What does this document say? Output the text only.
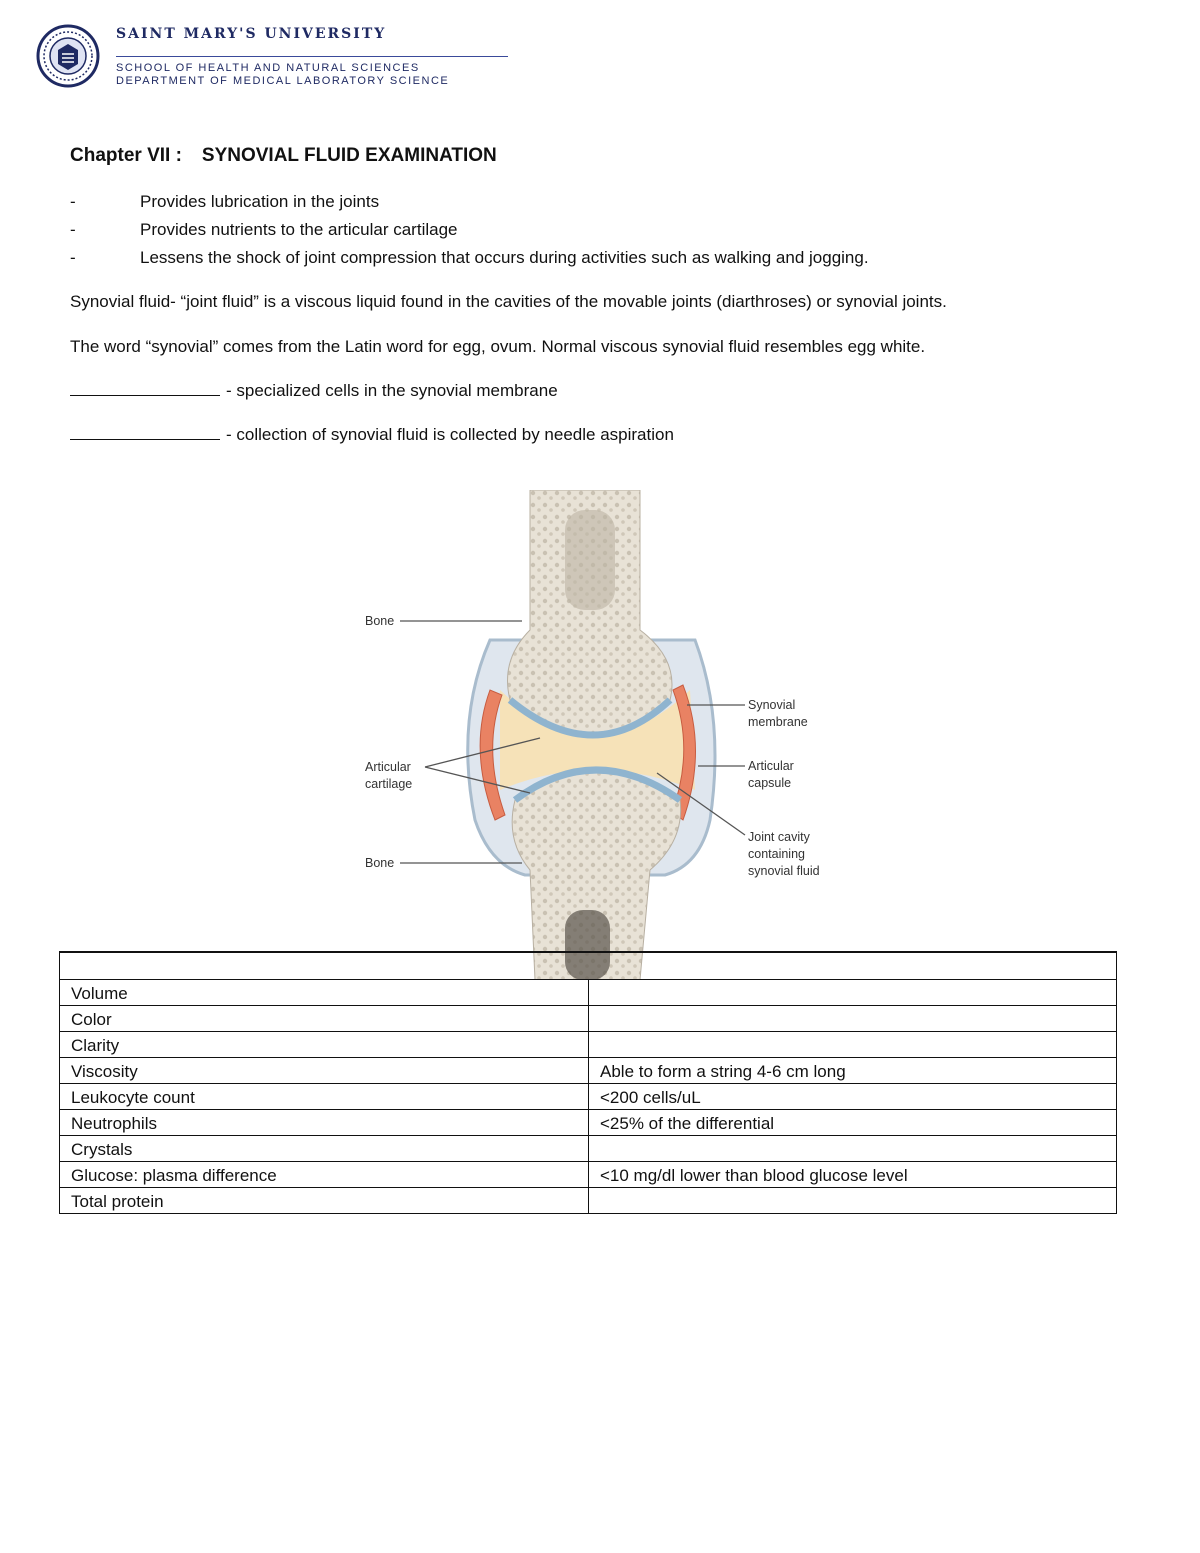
SAINT MARY'S UNIVERSITY
SCHOOL OF HEALTH AND NATURAL SCIENCES
DEPARTMENT OF MEDICAL LABORATORY SCIENCE
Chapter VII : SYNOVIAL FLUID EXAMINATION
-	Provides lubrication in the joints
-	Provides nutrients to the articular cartilage
-	Lessens the shock of joint compression that occurs during activities such as walking and jogging.
Synovial fluid- “joint fluid” is a viscous liquid found in the cavities of the movable joints (diarthroses) or synovial joints.
The word “synovial” comes from the Latin word for egg, ovum. Normal viscous synovial fluid resembles egg white.
- specialized cells in the synovial membrane
- collection of synovial fluid is collected by needle aspiration
Bone
Articular
cartilage
Bone
Synovial
membrane
Articular
capsule
Joint cavity
containing
synovial fluid

Volume	
Color	
Clarity	
Viscosity	Able to form a string 4-6 cm long
Leukocyte count	<200 cells/uL
Neutrophils	<25% of the differential
Crystals	
Glucose: plasma difference	<10 mg/dl lower than blood glucose level
Total protein	
